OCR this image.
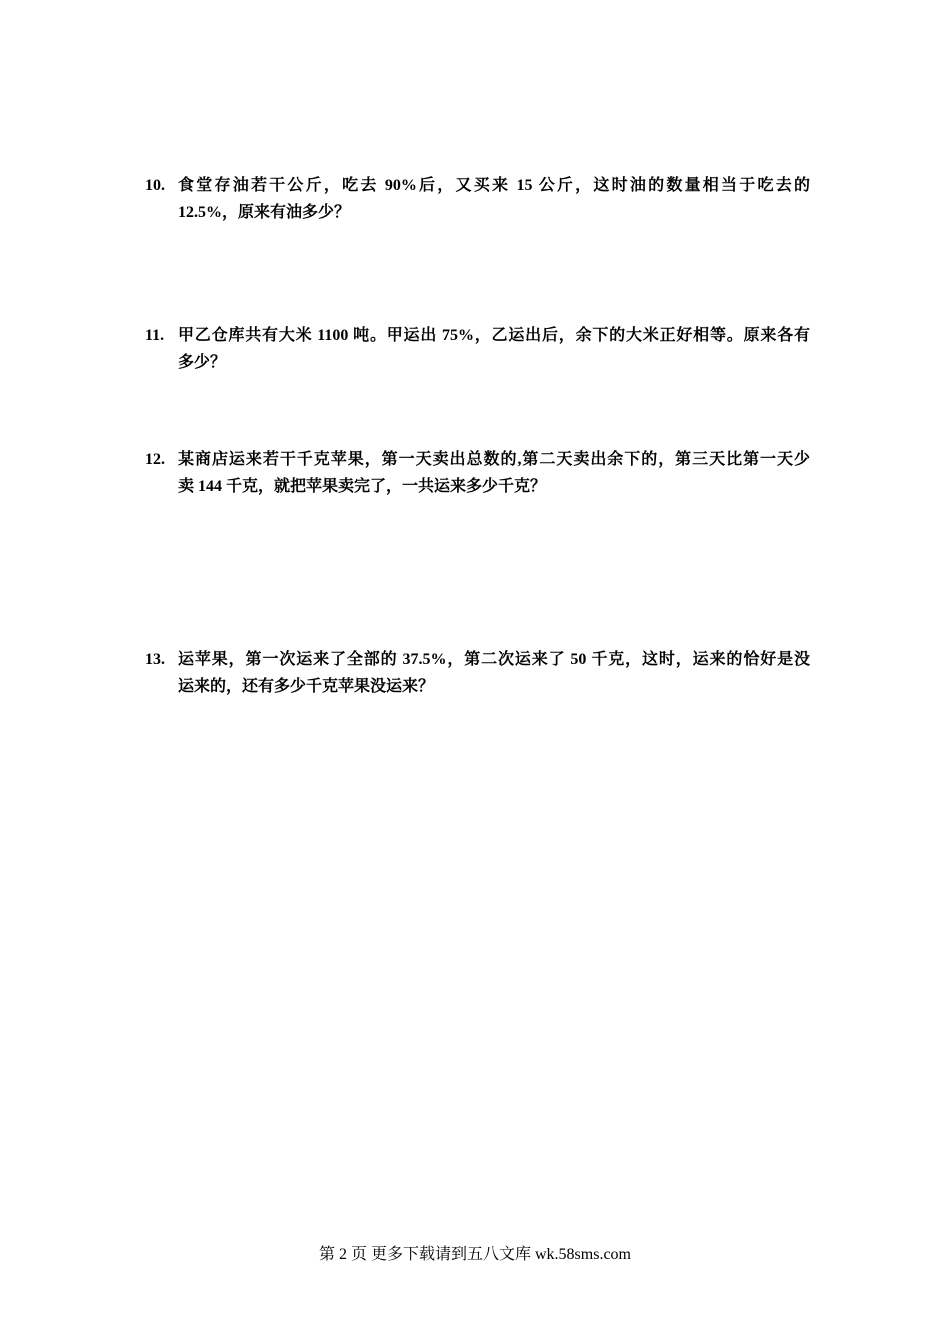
10. 食堂存油若干公斤，吃去 90%后，又买来 15 公斤，这时油的数量相当于吃去的
12.5%，原来有油多少？
11. 甲乙仓库共有大米 1100 吨。甲运出 75%，乙运出后，余下的大米正好相等。原来各有
多少？
12. 某商店运来若干千克苹果，第一天卖出总数的,第二天卖出余下的，第三天比第一天少
卖 144 千克，就把苹果卖完了，一共运来多少千克？
13. 运苹果，第一次运来了全部的 37.5%，第二次运来了 50 千克，这时，运来的恰好是没
运来的，还有多少千克苹果没运来？
第 2 页 更多下载请到五八文库 wk.58sms.com
